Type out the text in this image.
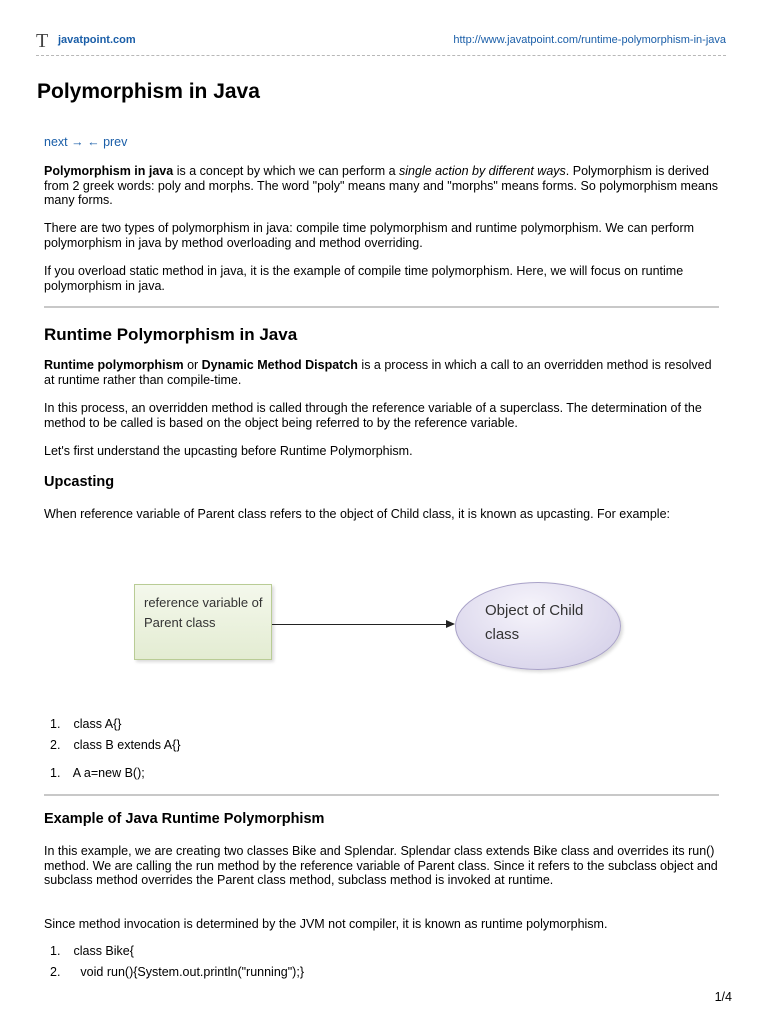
T javatpoint.com	http://www.javatpoint.com/runtime-polymorphism-in-java
Polymorphism in Java
next → ← prev

Polymorphism in java is a concept by which we can perform a single action by different ways. Polymorphism is derived from 2 greek words: poly and morphs. The word "poly" means many and "morphs" means forms. So polymorphism means many forms.

There are two types of polymorphism in java: compile time polymorphism and runtime polymorphism. We can perform polymorphism in java by method overloading and method overriding.

If you overload static method in java, it is the example of compile time polymorphism. Here, we will focus on runtime polymorphism in java.

Runtime Polymorphism in Java

Runtime polymorphism or Dynamic Method Dispatch is a process in which a call to an overridden method is resolved at runtime rather than compile-time.

In this process, an overridden method is called through the reference variable of a superclass. The determination of the method to be called is based on the object being referred to by the reference variable.

Let's first understand the upcasting before Runtime Polymorphism.

Upcasting

When reference variable of Parent class refers to the object of Child class, it is known as upcasting. For example:

reference variable of Parent class
Object of Child class
1. class A{}
2. class B extends A{}
1. A a=new B();
Example of Java Runtime Polymorphism

In this example, we are creating two classes Bike and Splendar. Splendar class extends Bike class and overrides its run() method. We are calling the run method by the reference variable of Parent class. Since it refers to the subclass object and subclass method overrides the Parent class method, subclass method is invoked at runtime.

Since method invocation is determined by the JVM not compiler, it is known as runtime polymorphism.

1. class Bike{
2.   void run(){System.out.println("running");}
1/4
